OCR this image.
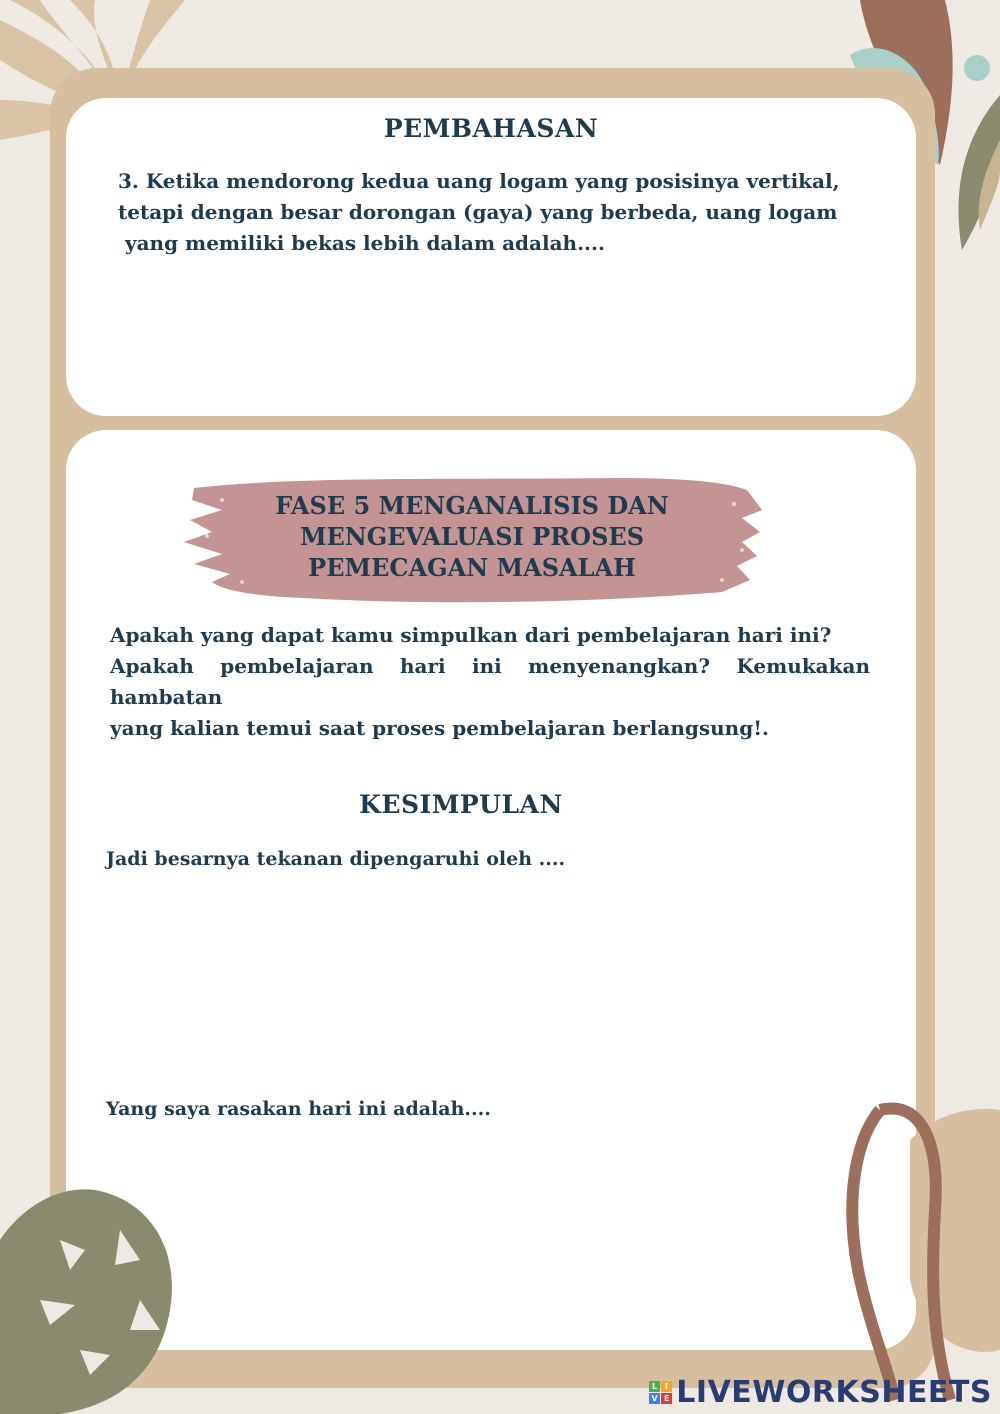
PEMBAHASAN
3. Ketika mendorong kedua uang logam yang posisinya vertikal,
tetapi dengan besar dorongan (gaya) yang berbeda, uang logam
yang memiliki bekas lebih dalam adalah....
FASE 5 MENGANALISIS DAN
MENGEVALUASI PROSES
PEMECAGAN MASALAH
Apakah yang dapat kamu simpulkan dari pembelajaran hari ini?
Apakah pembelajaran hari ini menyenangkan? Kemukakan hambatan
yang kalian temui saat proses pembelajaran berlangsung!.
KESIMPULAN
Jadi besarnya tekanan dipengaruhi oleh ....
Yang saya rasakan hari ini adalah....
L I
V E LIVEWORKSHEETS
